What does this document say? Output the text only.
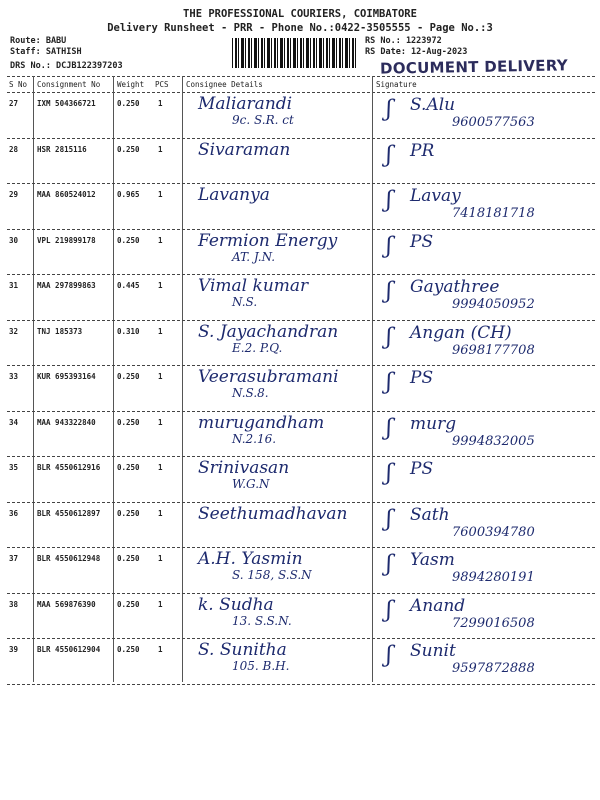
THE PROFESSIONAL COURIERS, COIMBATORE
Delivery Runsheet - PRR - Phone No.:0422-3505555 - Page No.:3
Route: BABU
Staff: SATHISH
DRS No.: DCJB122397203
RS No.: 1223972
RS Date: 12-Aug-2023
DOCUMENT DELIVERY
S No Consignment No Weight PCS Consignee Details	Signature
27	IXM 504366721	0.250 1 Maliarandi
9c. S.R. ct	ʃ S.Alu
9600577563
28	HSR 2815116	0.250 1 Sivaraman	ʃ PR
29	MAA 860524012	0.965 1 Lavanya	ʃ Lavay
7418181718
30	VPL 219899178	0.250 1 Fermion Energy
AT. J.N.	ʃ PS
31	MAA 297899863	0.445 1 Vimal kumar
N.S.	ʃ Gayathree
9994050952
32	TNJ 185373	0.310 1 S. Jayachandran
E.2. P.Q.	ʃ Angan (CH)
9698177708
33	KUR 695393164	0.250 1 Veerasubramani
N.S.8.	ʃ PS
34	MAA 943322840	0.250 1 murugandham
N.2.16.	ʃ murg
9994832005
35	BLR 4550612916 0.250 1 Srinivasan
W.G.N	ʃ PS
36	BLR 4550612897 0.250 1 Seethumadhavan ʃ Sath
7600394780
37	BLR 4550612948 0.250 1 A.H. Yasmin
S. 158, S.S.N	ʃ Yasm
9894280191
38	MAA 569876390	0.250 1 k. Sudha
13. S.S.N.	ʃ Anand
7299016508
39	BLR 4550612904 0.250 1 S. Sunitha
105. B.H.	ʃ Sunit
9597872888
